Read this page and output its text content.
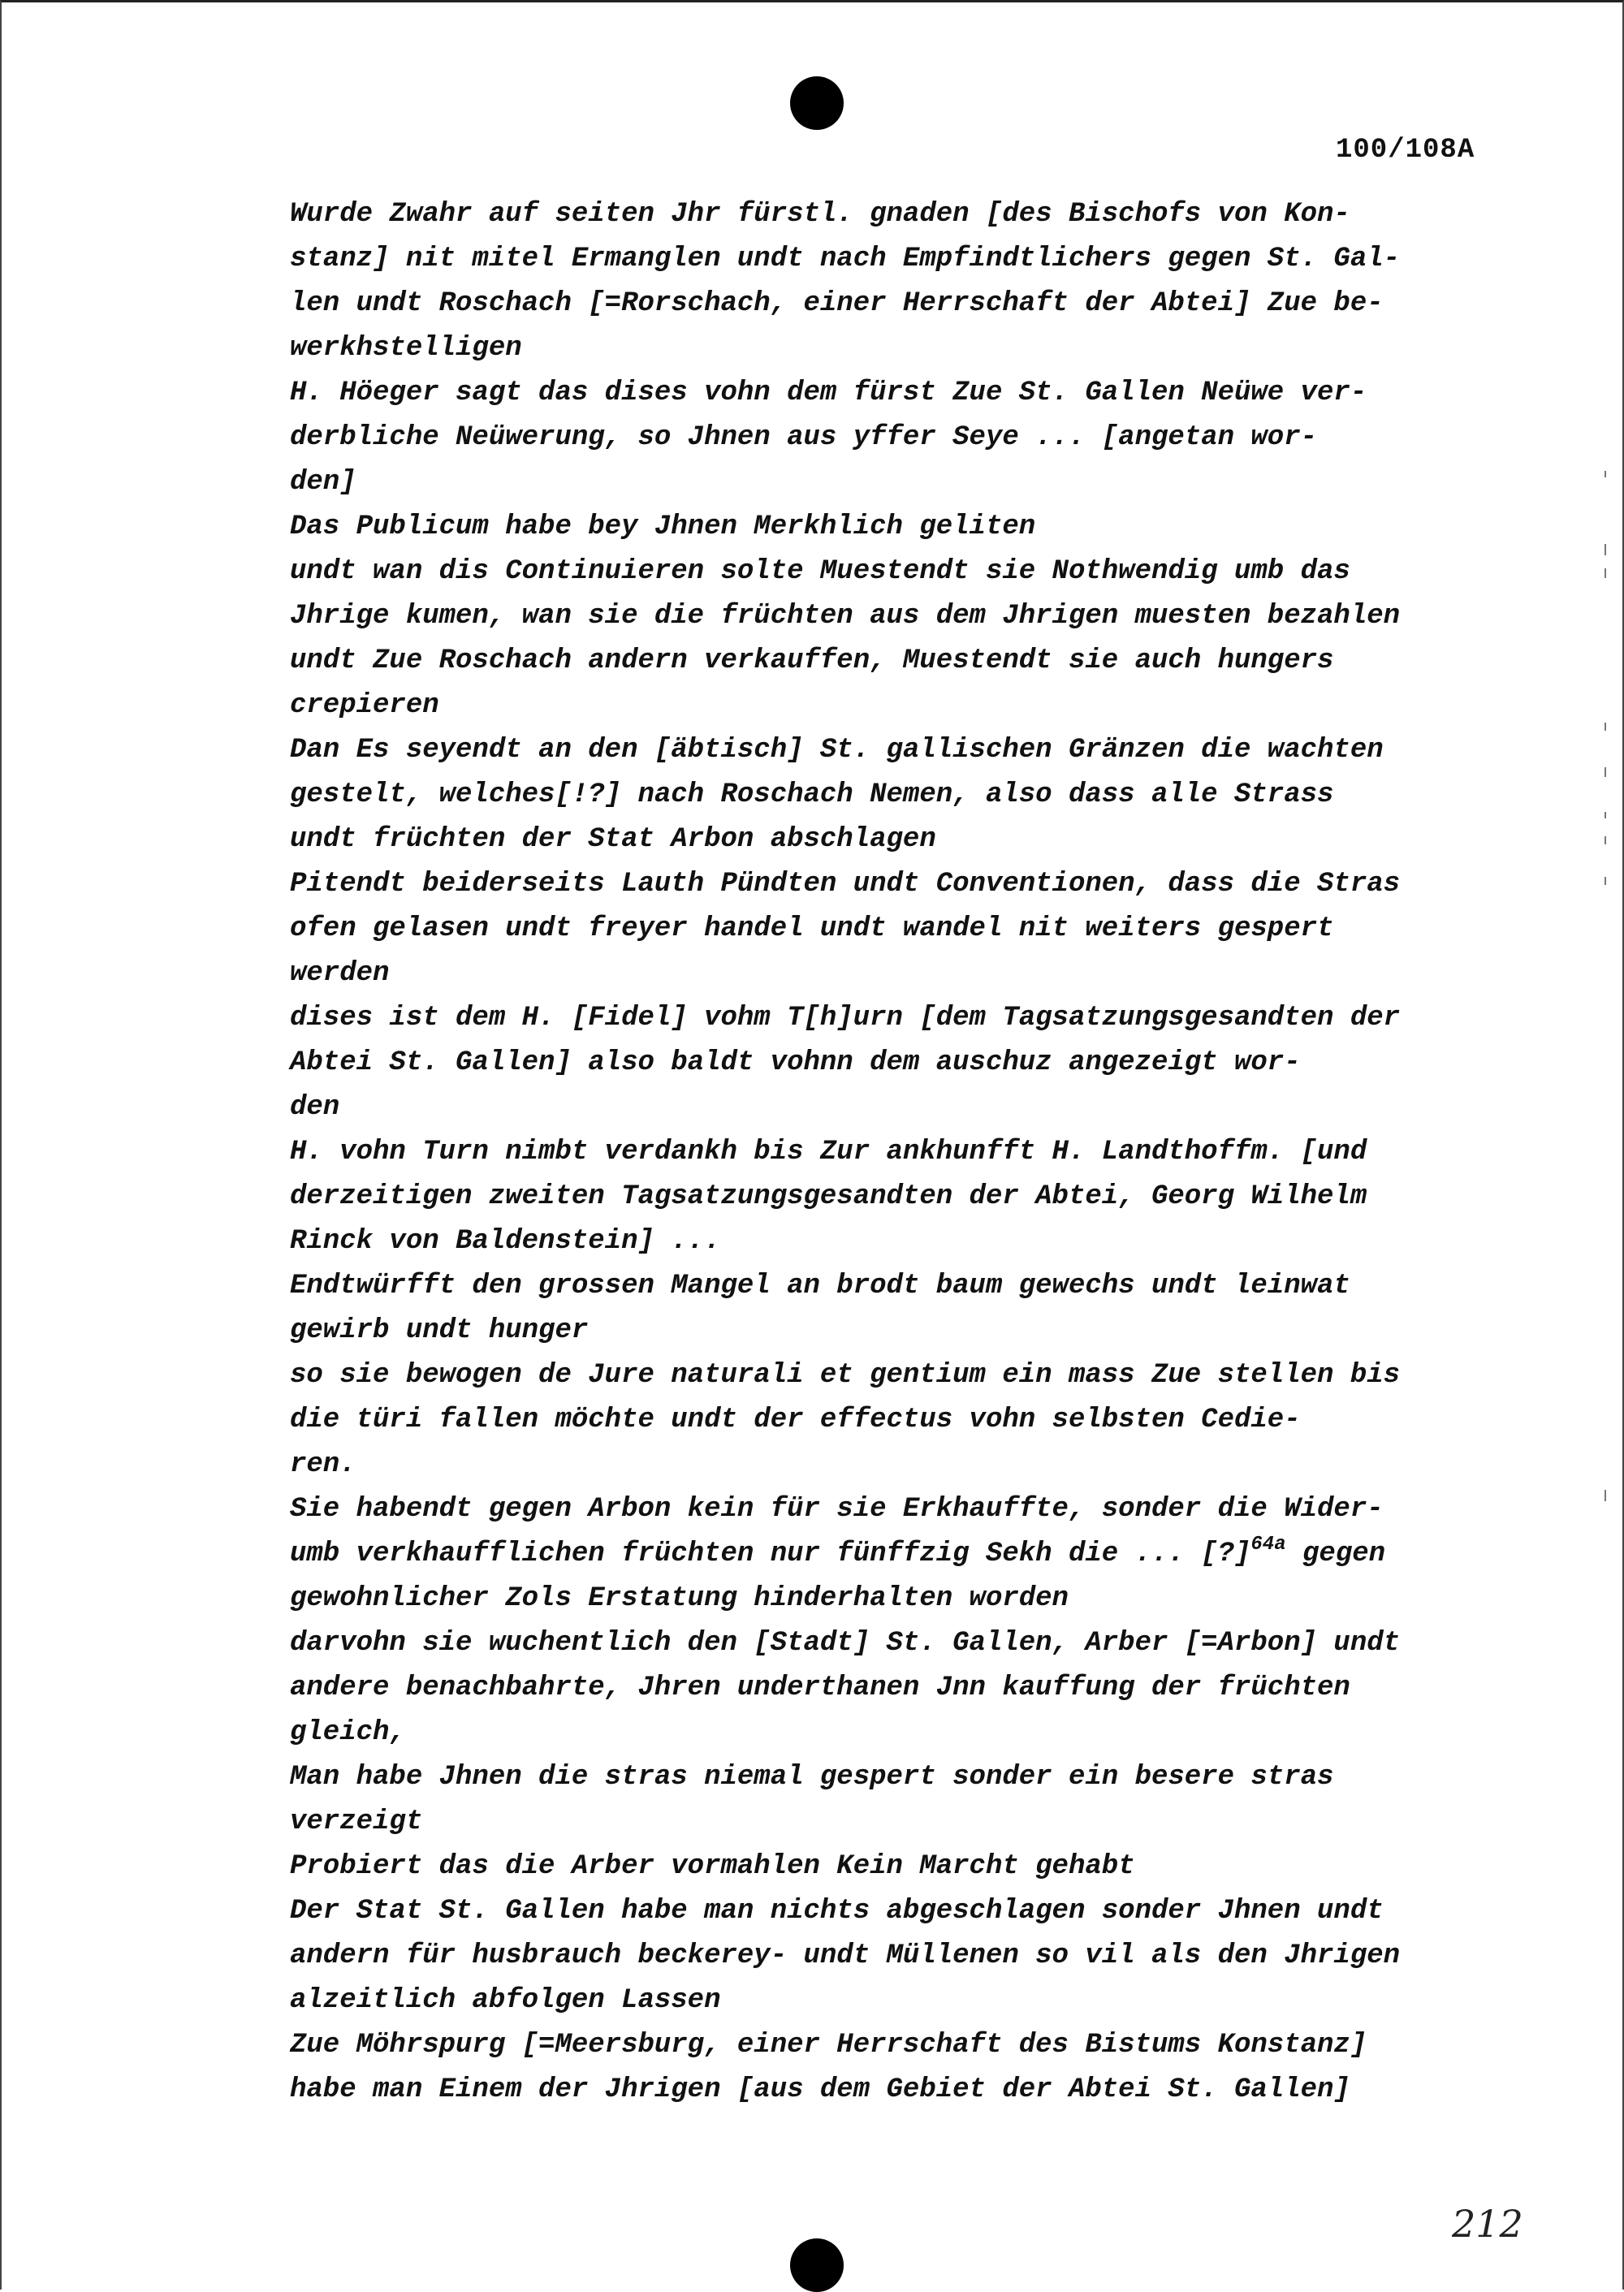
100/108A
Wurde Zwahr auf seiten Jhr fürstl. gnaden [des Bischofs von Kon-
stanz] nit mitel Ermanglen undt nach Empfindtlichers gegen St. Gal-
len undt Roschach [=Rorschach, einer Herrschaft der Abtei] Zue be-
werkhstelligen
H. Höeger sagt das dises vohn dem fürst Zue St. Gallen Neüwe ver-
derbliche Neüwerung, so Jhnen aus yffer Seye ... [angetan wor-
den]
Das Publicum habe bey Jhnen Merkhlich geliten
undt wan dis Continuieren solte Muestendt sie Nothwendig umb das
Jhrige kumen, wan sie die früchten aus dem Jhrigen muesten bezahlen
undt Zue Roschach andern verkauffen, Muestendt sie auch hungers
crepieren
Dan Es seyendt an den [äbtisch] St. gallischen Gränzen die wachten
gestelt, welches[!?] nach Roschach Nemen, also dass alle Strass
undt früchten der Stat Arbon abschlagen
Pitendt beiderseits Lauth Pündten undt Conventionen, dass die Stras
ofen gelasen undt freyer handel undt wandel nit weiters gespert
werden
dises ist dem H. [Fidel] vohm T[h]urn [dem Tagsatzungsgesandten der
Abtei St. Gallen] also baldt vohnn dem auschuz angezeigt wor-
den
H. vohn Turn nimbt verdankh bis Zur ankhunfft H. Landthoffm. [und
derzeitigen zweiten Tagsatzungsgesandten der Abtei, Georg Wilhelm
Rinck von Baldenstein] ...
Endtwürfft den grossen Mangel an brodt baum gewechs undt leinwat
gewirb undt hunger
so sie bewogen de Jure naturali et gentium ein mass Zue stellen bis
die türi fallen möchte undt der effectus vohn selbsten Cedie-
ren.
Sie habendt gegen Arbon kein für sie Erkhaufft​e, sonder die Wider-
umb verkhaufflichen früchten nur fünffzig Sekh die ... [?]$^{64a}$ gegen
gewohnlicher Zols Erstatung hinderhalten worden
darvohn sie wuchentlich den [Stadt] St. Gallen, Arber [=Arbon] undt
andere benachbahrte, Jhren underthanen Jnn kauffung der früchten
gleich,
Man habe Jhnen die stras niemal gespert sonder ein besere stras
verzeigt
Probiert das die Arber vormahlen Kein Marcht gehabt
Der Stat St. Gallen habe man nichts abgeschlagen sonder Jhnen undt
andern für husbrauch beckerey- undt Müllenen so vil als den Jhrigen
alzeitlich abfolgen Lassen
Zue Möhrspurg [=Meersburg, einer Herrschaft des Bistums Konstanz]
habe man Einem der Jhrigen [aus dem Gebiet der Abtei St. Gallen]
212
